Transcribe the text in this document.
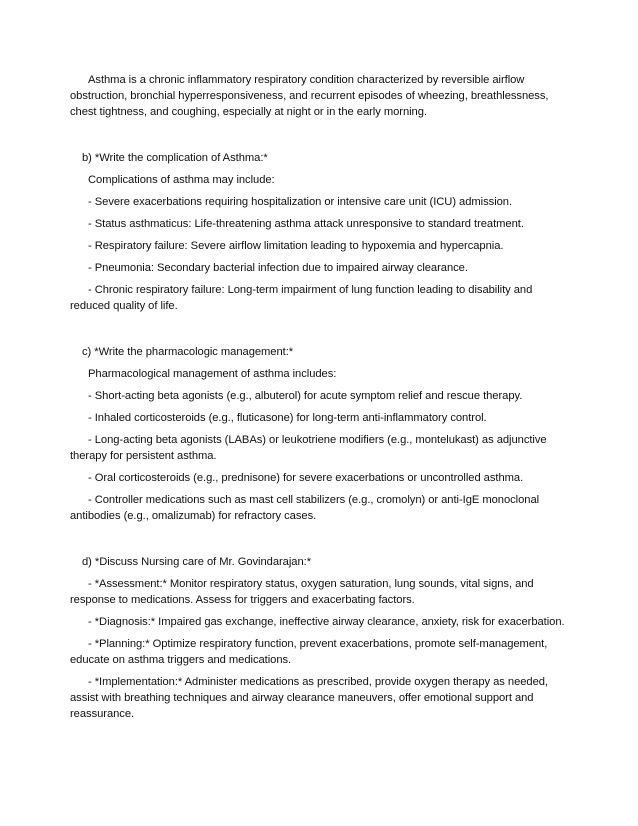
Asthma is a chronic inflammatory respiratory condition characterized by reversible airflow obstruction, bronchial hyperresponsiveness, and recurrent episodes of wheezing, breathlessness, chest tightness, and coughing, especially at night or in the early morning.

b) *Write the complication of Asthma:*

Complications of asthma may include:

- Severe exacerbations requiring hospitalization or intensive care unit (ICU) admission.

- Status asthmaticus: Life-threatening asthma attack unresponsive to standard treatment.

- Respiratory failure: Severe airflow limitation leading to hypoxemia and hypercapnia.

- Pneumonia: Secondary bacterial infection due to impaired airway clearance.

- Chronic respiratory failure: Long-term impairment of lung function leading to disability and reduced quality of life.

c) *Write the pharmacologic management:*

Pharmacological management of asthma includes:

- Short-acting beta agonists (e.g., albuterol) for acute symptom relief and rescue therapy.

- Inhaled corticosteroids (e.g., fluticasone) for long-term anti-inflammatory control.

- Long-acting beta agonists (LABAs) or leukotriene modifiers (e.g., montelukast) as adjunctive therapy for persistent asthma.

- Oral corticosteroids (e.g., prednisone) for severe exacerbations or uncontrolled asthma.

- Controller medications such as mast cell stabilizers (e.g., cromolyn) or anti-IgE monoclonal antibodies (e.g., omalizumab) for refractory cases.

d) *Discuss Nursing care of Mr. Govindarajan:*

- *Assessment:* Monitor respiratory status, oxygen saturation, lung sounds, vital signs, and response to medications. Assess for triggers and exacerbating factors.

- *Diagnosis:* Impaired gas exchange, ineffective airway clearance, anxiety, risk for exacerbation.

- *Planning:* Optimize respiratory function, prevent exacerbations, promote self-management, educate on asthma triggers and medications.

- *Implementation:* Administer medications as prescribed, provide oxygen therapy as needed, assist with breathing techniques and airway clearance maneuvers, offer emotional support and reassurance.
